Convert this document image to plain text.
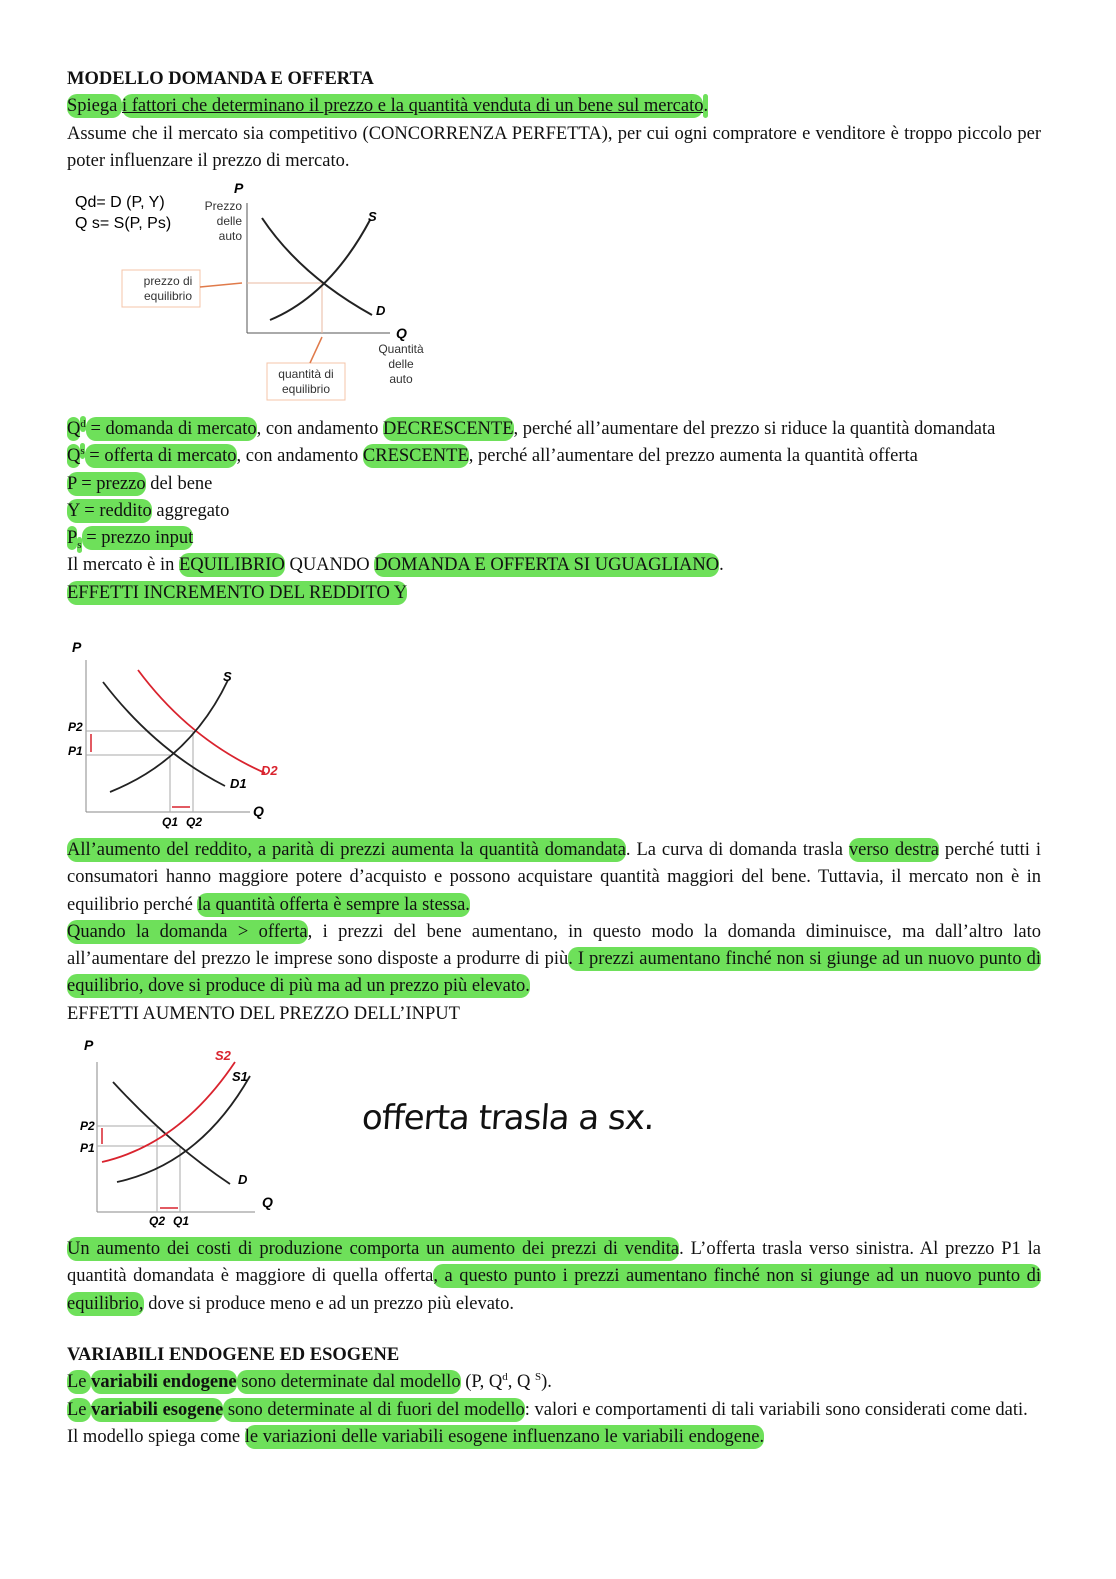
MODELLO DOMANDA E OFFERTA

Spiega i fattori che determinano il prezzo e la quantità venduta di un bene sul mercato.

Assume che il mercato sia competitivo (CONCORRENZA PERFETTA), per cui ogni compratore e venditore è troppo piccolo per poter influenzare il prezzo di mercato.

Qd= D (P, Y)
Q s= S(P, Ps)
P
Prezzo
delle
auto
S
D
Q
Quantità
delle
auto
prezzo di
equilibrio
quantità di
equilibrio

$Q^d$ = domanda di mercato, con andamento DECRESCENTE, perché all’aumentare del prezzo si riduce la quantità domandata

$Q^s$ = offerta di mercato, con andamento CRESCENTE, perché all’aumentare del prezzo aumenta la quantità offerta

P = prezzo del bene

Y = reddito aggregato

$P_s$ = prezzo input

Il mercato è in EQUILIBRIO QUANDO DOMANDA E OFFERTA SI UGUAGLIANO.

EFFETTI INCREMENTO DEL REDDITO Y

P
S
D1
D2
P2
P1
Q1 Q2
Q

All’aumento del reddito, a parità di prezzi aumenta la quantità domandata. La curva di domanda trasla verso destra perché tutti i consumatori hanno maggiore potere d’acquisto e possono acquistare quantità maggiori del bene. Tuttavia, il mercato non è in equilibrio perché la quantità offerta è sempre la stessa.

Quando la domanda > offerta, i prezzi del bene aumentano, in questo modo la domanda diminuisce, ma dall’altro lato all’aumentare del prezzo le imprese sono disposte a produrre di più. I prezzi aumentano finché non si giunge ad un nuovo punto di equilibrio, dove si produce di più ma ad un prezzo più elevato.

EFFETTI AUMENTO DEL PREZZO DELL’INPUT

P
S2
S1
D
P2
P1
Q2 Q1
Q
offerta trasla a sx.

Un aumento dei costi di produzione comporta un aumento dei prezzi di vendita. L’offerta trasla verso sinistra. Al prezzo P1 la quantità domandata è maggiore di quella offerta, a questo punto i prezzi aumentano finché non si giunge ad un nuovo punto di equilibrio, dove si produce meno e ad un prezzo più elevato.

VARIABILI ENDOGENE ED ESOGENE

Le variabili endogene sono determinate dal modello (P, $Q^d$, Q $^S$).

Le variabili esogene sono determinate al di fuori del modello: valori e comportamenti di tali variabili sono considerati come dati.

Il modello spiega come le variazioni delle variabili esogene influenzano le variabili endogene.
